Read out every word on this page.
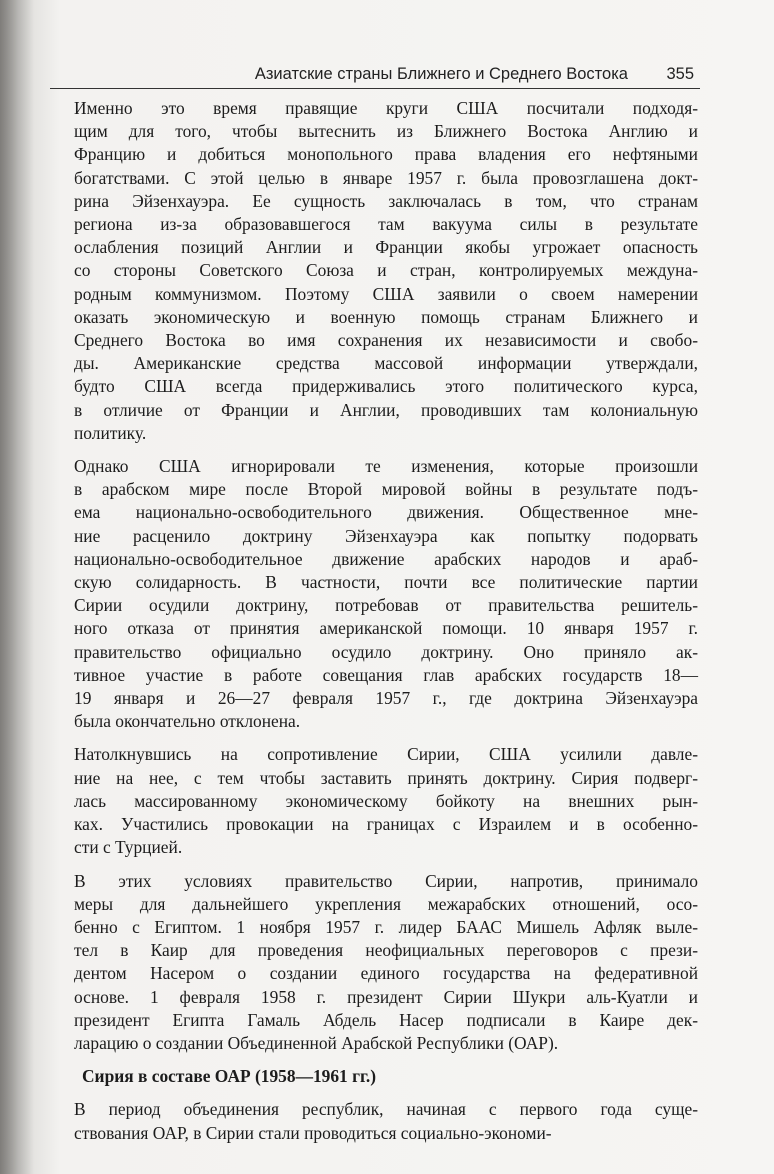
Азиатские страны Ближнего и Среднего Востока 355

Именно это время правящие круги США посчитали подходя-
щим для того, чтобы вытеснить из Ближнего Востока Англию и
Францию и добиться монопольного права владения его нефтяными
богатствами. С этой целью в январе 1957 г. была провозглашена докт-
рина Эйзенхауэра. Ее сущность заключалась в том, что странам
региона из-за образовавшегося там вакуума силы в результате
ослабления позиций Англии и Франции якобы угрожает опасность
со стороны Советского Союза и стран, контролируемых междуна-
родным коммунизмом. Поэтому США заявили о своем намерении
оказать экономическую и военную помощь странам Ближнего и
Среднего Востока во имя сохранения их независимости и свобо-
ды. Американские средства массовой информации утверждали,
будто США всегда придерживались этого политического курса,
в отличие от Франции и Англии, проводивших там колониальную
политику.

Однако США игнорировали те изменения, которые произошли
в арабском мире после Второй мировой войны в результате подъ-
ема национально-освободительного движения. Общественное мне-
ние расценило доктрину Эйзенхауэра как попытку подорвать
национально-освободительное движение арабских народов и араб-
скую солидарность. В частности, почти все политические партии
Сирии осудили доктрину, потребовав от правительства решитель-
ного отказа от принятия американской помощи. 10 января 1957 г.
правительство официально осудило доктрину. Оно приняло ак-
тивное участие в работе совещания глав арабских государств 18—
19 января и 26—27 февраля 1957 г., где доктрина Эйзенхауэра
была окончательно отклонена.

Натолкнувшись на сопротивление Сирии, США усилили давле-
ние на нее, с тем чтобы заставить принять доктрину. Сирия подверг-
лась массированному экономическому бойкоту на внешних рын-
ках. Участились провокации на границах с Израилем и в особенно-
сти с Турцией.

В этих условиях правительство Сирии, напротив, принимало
меры для дальнейшего укрепления межарабских отношений, осо-
бенно с Египтом. 1 ноября 1957 г. лидер БААС Мишель Афляк выле-
тел в Каир для проведения неофициальных переговоров с прези-
дентом Насером о создании единого государства на федеративной
основе. 1 февраля 1958 г. президент Сирии Шукри аль-Куатли и
президент Египта Гамаль Абдель Насер подписали в Каире дек-
ларацию о создании Объединенной Арабской Республики (ОАР).

Сирия в составе ОАР (1958—1961 гг.)

В период объединения республик, начиная с первого года суще-
ствования ОАР, в Сирии стали проводиться социально-экономи-
